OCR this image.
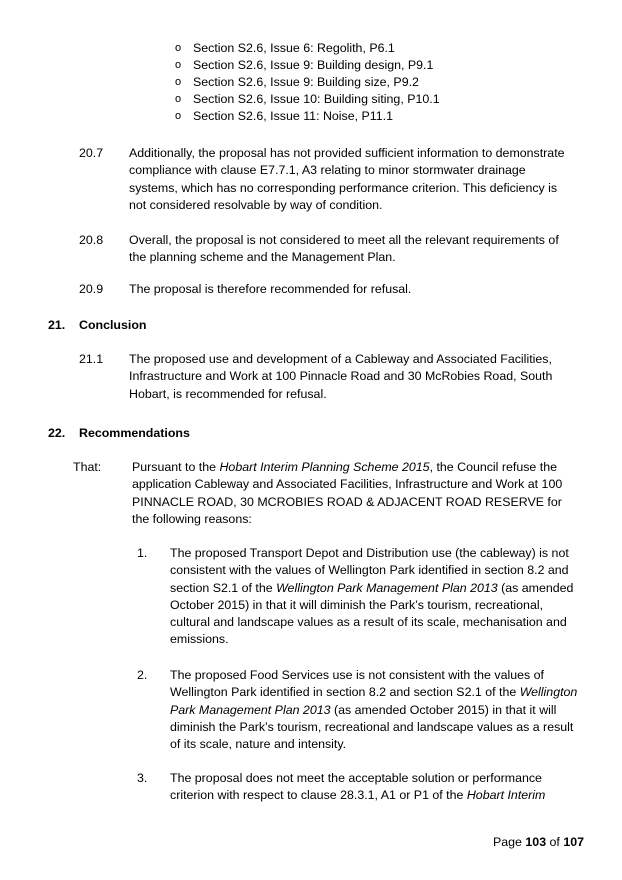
o Section S2.6, Issue 6: Regolith, P6.1
o Section S2.6, Issue 9: Building design, P9.1
o Section S2.6, Issue 9: Building size, P9.2
o Section S2.6, Issue 10: Building siting, P10.1
o Section S2.6, Issue 11: Noise, P11.1
20.7 Additionally, the proposal has not provided sufficient information to demonstrate
compliance with clause E7.7.1, A3 relating to minor stormwater drainage
systems, which has no corresponding performance criterion. This deficiency is
not considered resolvable by way of condition.
20.8 Overall, the proposal is not considered to meet all the relevant requirements of
the planning scheme and the Management Plan.
20.9 The proposal is therefore recommended for refusal.
21. Conclusion
21.1 The proposed use and development of a Cableway and Associated Facilities,
Infrastructure and Work at 100 Pinnacle Road and 30 McRobies Road, South
Hobart, is recommended for refusal.
22. Recommendations
That: Pursuant to the Hobart Interim Planning Scheme 2015, the Council refuse the
application Cableway and Associated Facilities, Infrastructure and Work at 100
PINNACLE ROAD, 30 MCROBIES ROAD & ADJACENT ROAD RESERVE for
the following reasons:
1. The proposed Transport Depot and Distribution use (the cableway) is not
consistent with the values of Wellington Park identified in section 8.2 and
section S2.1 of the Wellington Park Management Plan 2013 (as amended
October 2015) in that it will diminish the Park’s tourism, recreational,
cultural and landscape values as a result of its scale, mechanisation and
emissions.
2. The proposed Food Services use is not consistent with the values of
Wellington Park identified in section 8.2 and section S2.1 of the Wellington
Park Management Plan 2013 (as amended October 2015) in that it will
diminish the Park’s tourism, recreational and landscape values as a result
of its scale, nature and intensity.
3. The proposal does not meet the acceptable solution or performance
criterion with respect to clause 28.3.1, A1 or P1 of the Hobart Interim
Page 103 of 107
